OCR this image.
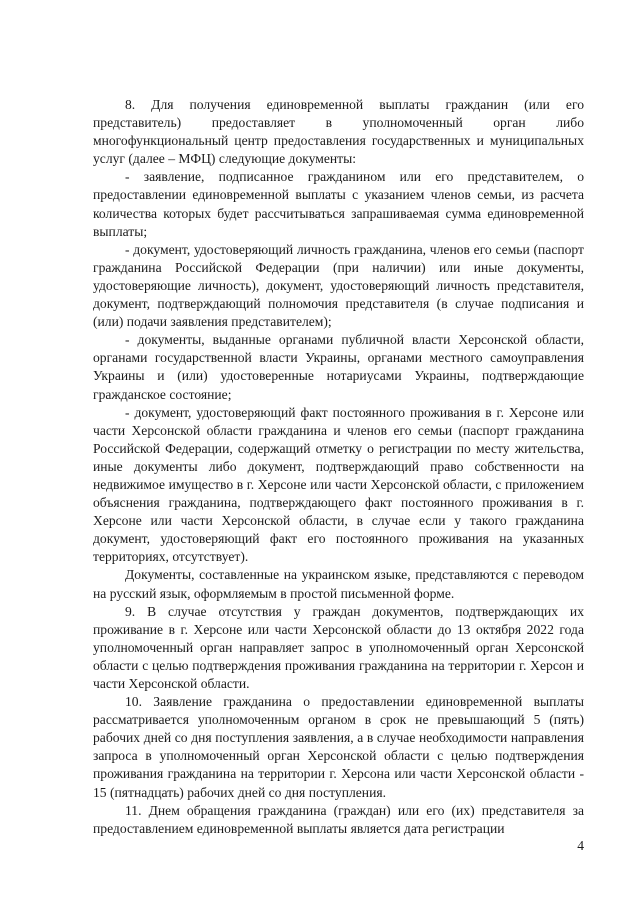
8. Для получения единовременной выплаты гражданин (или его представитель) предоставляет в уполномоченный орган либо многофункциональный центр предоставления государственных и муниципальных услуг (далее – МФЦ) следующие документы:

- заявление, подписанное гражданином или его представителем, о предоставлении единовременной выплаты с указанием членов семьи, из расчета количества которых будет рассчитываться запрашиваемая сумма единовременной выплаты;

- документ, удостоверяющий личность гражданина, членов его семьи (паспорт гражданина Российской Федерации (при наличии) или иные документы, удостоверяющие личность), документ, удостоверяющий личность представителя, документ, подтверждающий полномочия представителя (в случае подписания и (или) подачи заявления представителем);

- документы, выданные органами публичной власти Херсонской области, органами государственной власти Украины, органами местного самоуправления Украины и (или) удостоверенные нотариусами Украины, подтверждающие гражданское состояние;

- документ, удостоверяющий факт постоянного проживания в г. Херсоне или части Херсонской области гражданина и членов его семьи (паспорт гражданина Российской Федерации, содержащий отметку о регистрации по месту жительства, иные документы либо документ, подтверждающий право собственности на недвижимое имущество в г. Херсоне или части Херсонской области, с приложением объяснения гражданина, подтверждающего факт постоянного проживания в г. Херсоне или части Херсонской области, в случае если у такого гражданина документ, удостоверяющий факт его постоянного проживания на указанных территориях, отсутствует).

Документы, составленные на украинском языке, представляются с переводом на русский язык, оформляемым в простой письменной форме.

9. В случае отсутствия у граждан документов, подтверждающих их проживание в г. Херсоне или части Херсонской области до 13 октября 2022 года уполномоченный орган направляет запрос в уполномоченный орган Херсонской области с целью подтверждения проживания гражданина на территории г. Херсон и части Херсонской области.

10. Заявление гражданина о предоставлении единовременной выплаты рассматривается уполномоченным органом в срок не превышающий 5 (пять) рабочих дней со дня поступления заявления, а в случае необходимости направления запроса в уполномоченный орган Херсонской области с целью подтверждения проживания гражданина на территории г. Херсона или части Херсонской области - 15 (пятнадцать) рабочих дней со дня поступления.

11. Днем обращения гражданина (граждан) или его (их) представителя за предоставлением единовременной выплаты является дата регистрации

4
